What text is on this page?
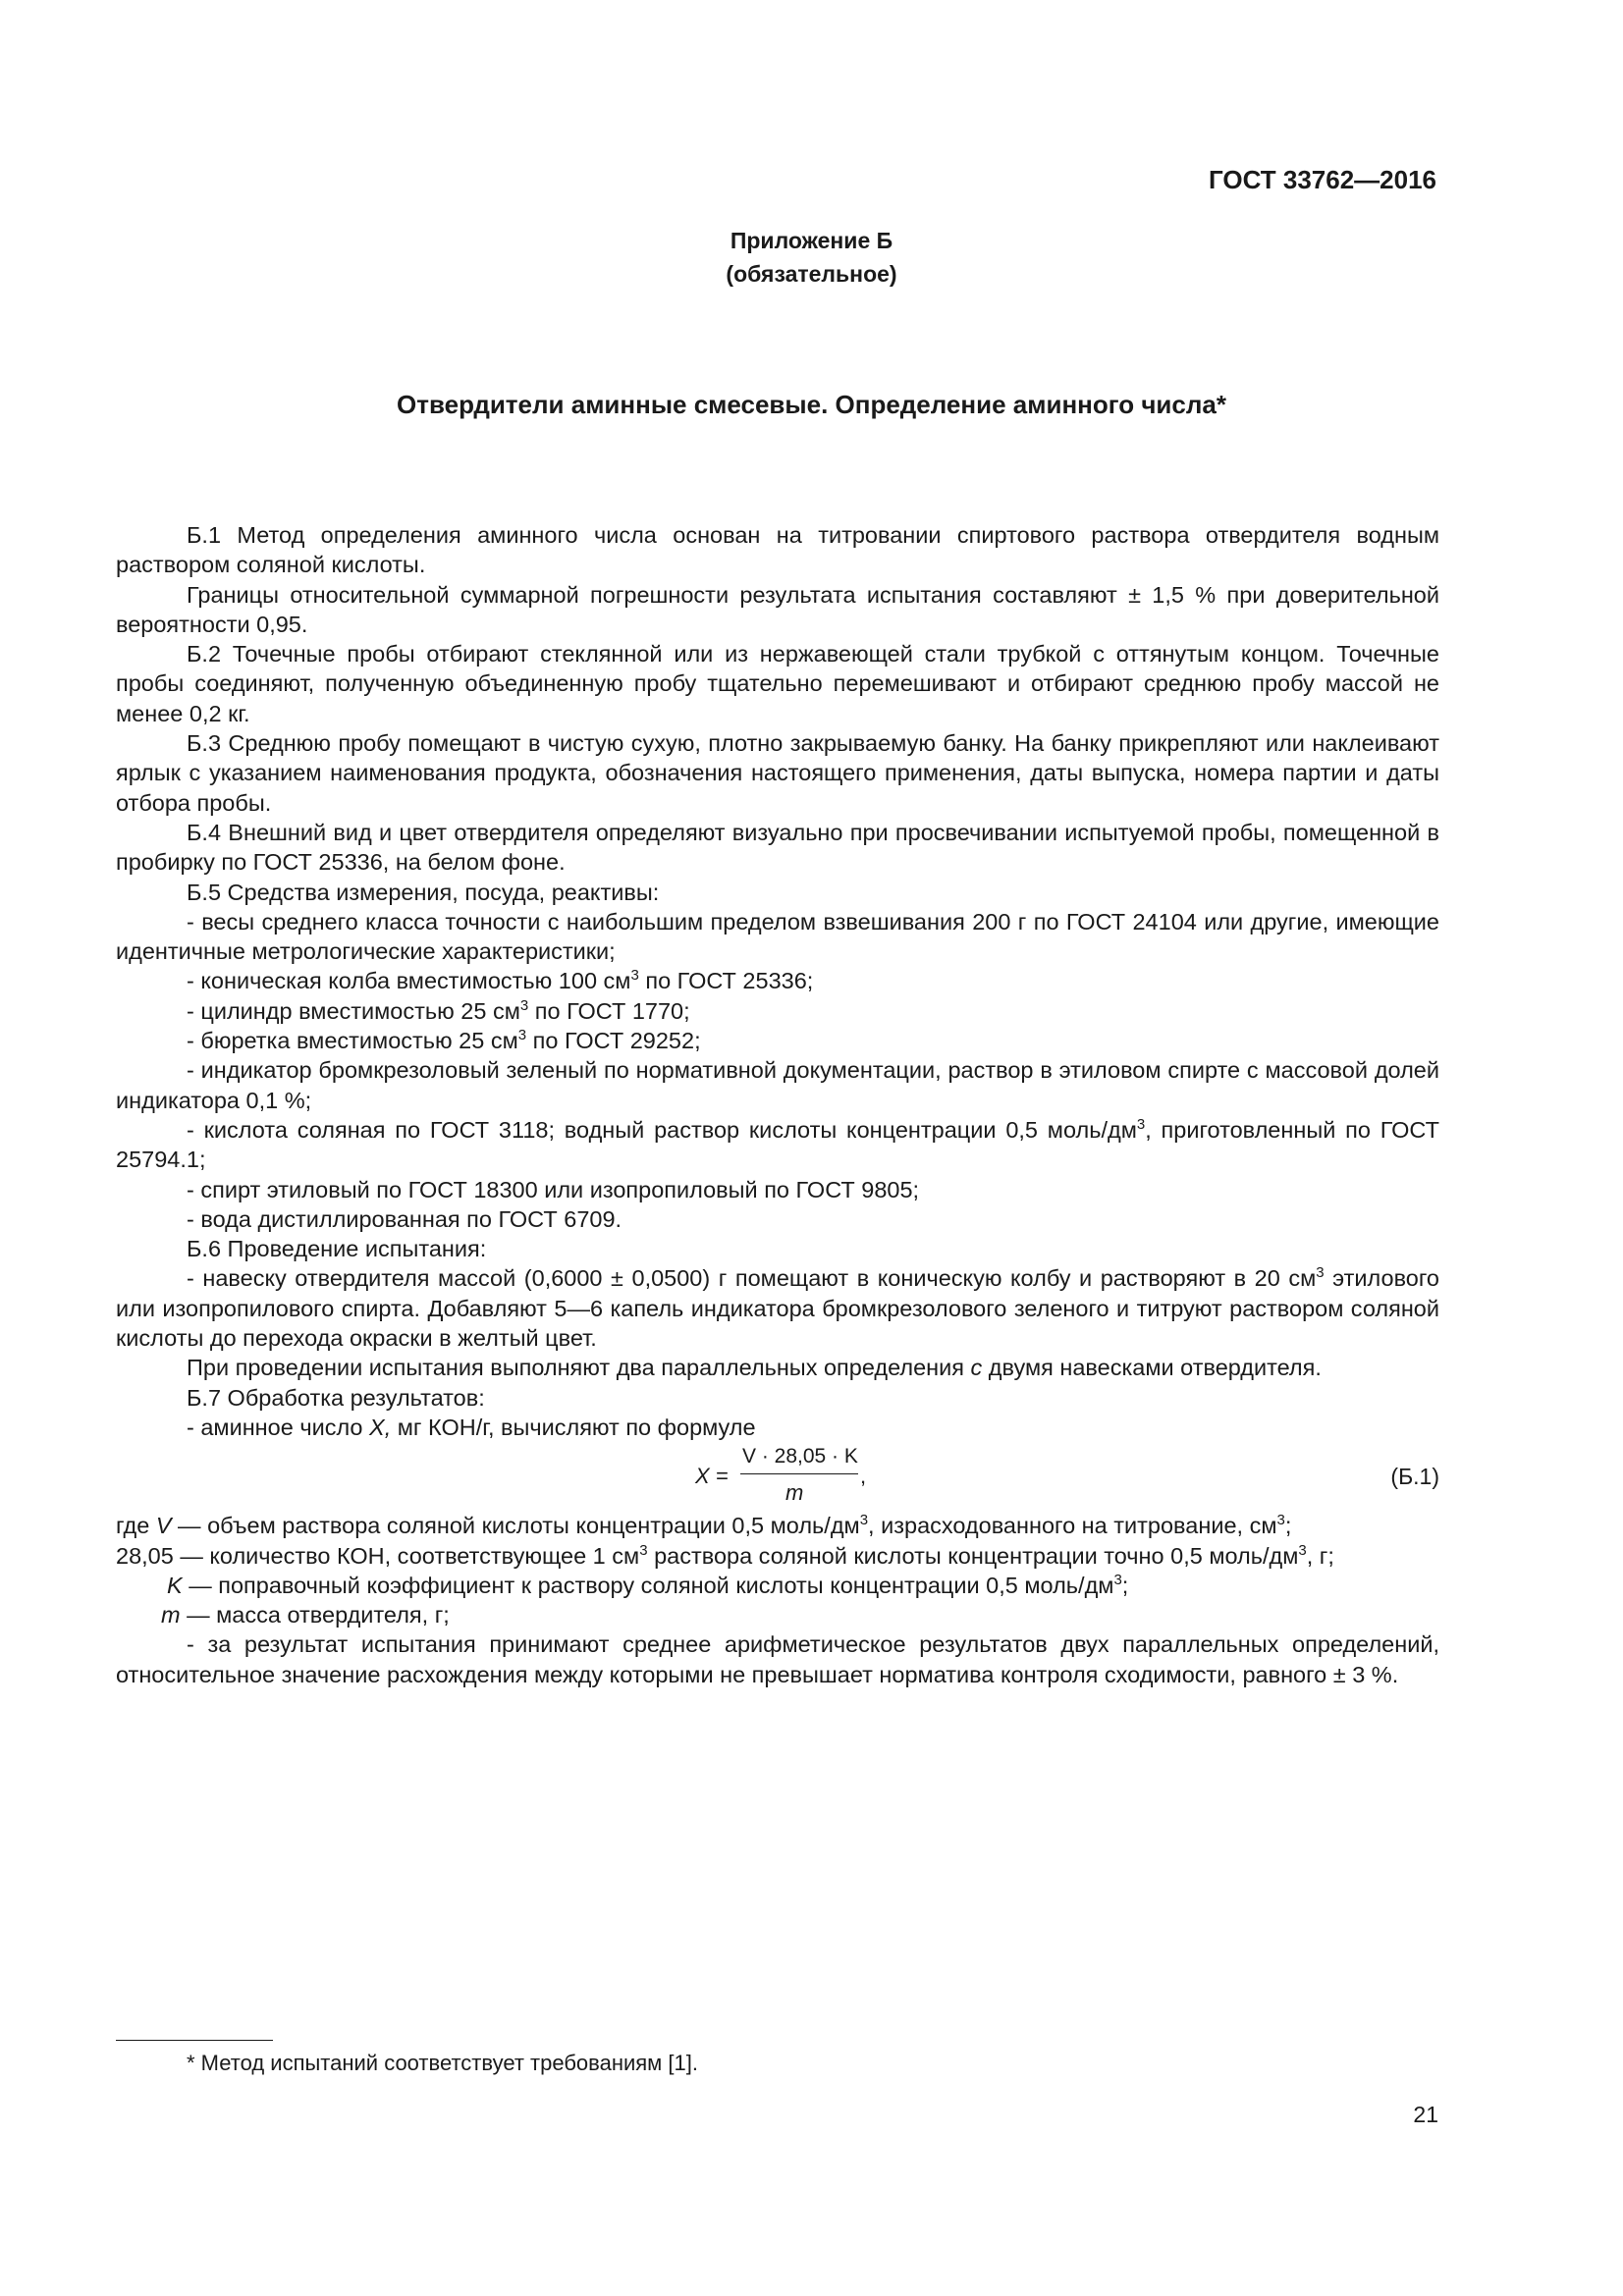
ГОСТ 33762—2016
Приложение Б
(обязательное)
Отвердители аминные смесевые. Определение аминного числа*

Б.1 Метод определения аминного числа основан на титровании спиртового раствора отвердителя водным раствором соляной кислоты.

Границы относительной суммарной погрешности результата испытания составляют ± 1,5 % при доверительной вероятности 0,95.

Б.2 Точечные пробы отбирают стеклянной или из нержавеющей стали трубкой с оттянутым концом. Точечные пробы соединяют, полученную объединенную пробу тщательно перемешивают и отбирают среднюю пробу массой не менее 0,2 кг.

Б.3 Среднюю пробу помещают в чистую сухую, плотно закрываемую банку. На банку прикрепляют или наклеивают ярлык с указанием наименования продукта, обозначения настоящего применения, даты выпуска, номера партии и даты отбора пробы.

Б.4 Внешний вид и цвет отвердителя определяют визуально при просвечивании испытуемой пробы, помещенной в пробирку по ГОСТ 25336, на белом фоне.

Б.5 Средства измерения, посуда, реактивы:

- весы среднего класса точности с наибольшим пределом взвешивания 200 г по ГОСТ 24104 или другие, имеющие идентичные метрологические характеристики;

- коническая колба вместимостью 100 $см^3$ по ГОСТ 25336;

- цилиндр вместимостью 25 $см^3$ по ГОСТ 1770;

- бюретка вместимостью 25 $см^3$ по ГОСТ 29252;

- индикатор бромкрезоловый зеленый по нормативной документации, раствор в этиловом спирте с массовой долей индикатора 0,1 %;

- кислота соляная по ГОСТ 3118; водный раствор кислоты концентрации 0,5 моль/$дм^3$, приготовленный по ГОСТ 25794.1;

- спирт этиловый по ГОСТ 18300 или изопропиловый по ГОСТ 9805;

- вода дистиллированная по ГОСТ 6709.

Б.6 Проведение испытания:

- навеску отвердителя массой (0,6000 ± 0,0500) г помещают в коническую колбу и растворяют в 20 $см^3$ этилового или изопропилового спирта. Добавляют 5—6 капель индикатора бромкрезолового зеленого и титруют раствором соляной кислоты до перехода окраски в желтый цвет.

При проведении испытания выполняют два параллельных определения с двумя навесками отвердителя.

Б.7 Обработка результатов:

- аминное число X, мг КОН/г, вычисляют по формуле

X =
V · 28,05 · K
m
,	(Б.1)

где V — объем раствора соляной кислоты концентрации 0,5 моль/$дм^3$, израсходованного на титрование, $см^3$;

28,05 — количество КОН, соответствующее 1 $см^3$ раствора соляной кислоты концентрации точно 0,5 моль/$дм^3$, г;

K — поправочный коэффициент к раствору соляной кислоты концентрации 0,5 моль/$дм^3$;

m — масса отвердителя, г;

- за результат испытания принимают среднее арифметическое результатов двух параллельных определений, относительное значение расхождения между которыми не превышает норматива контроля сходимости, равного ± 3 %.

* Метод испытаний соответствует требованиям [1].
21
